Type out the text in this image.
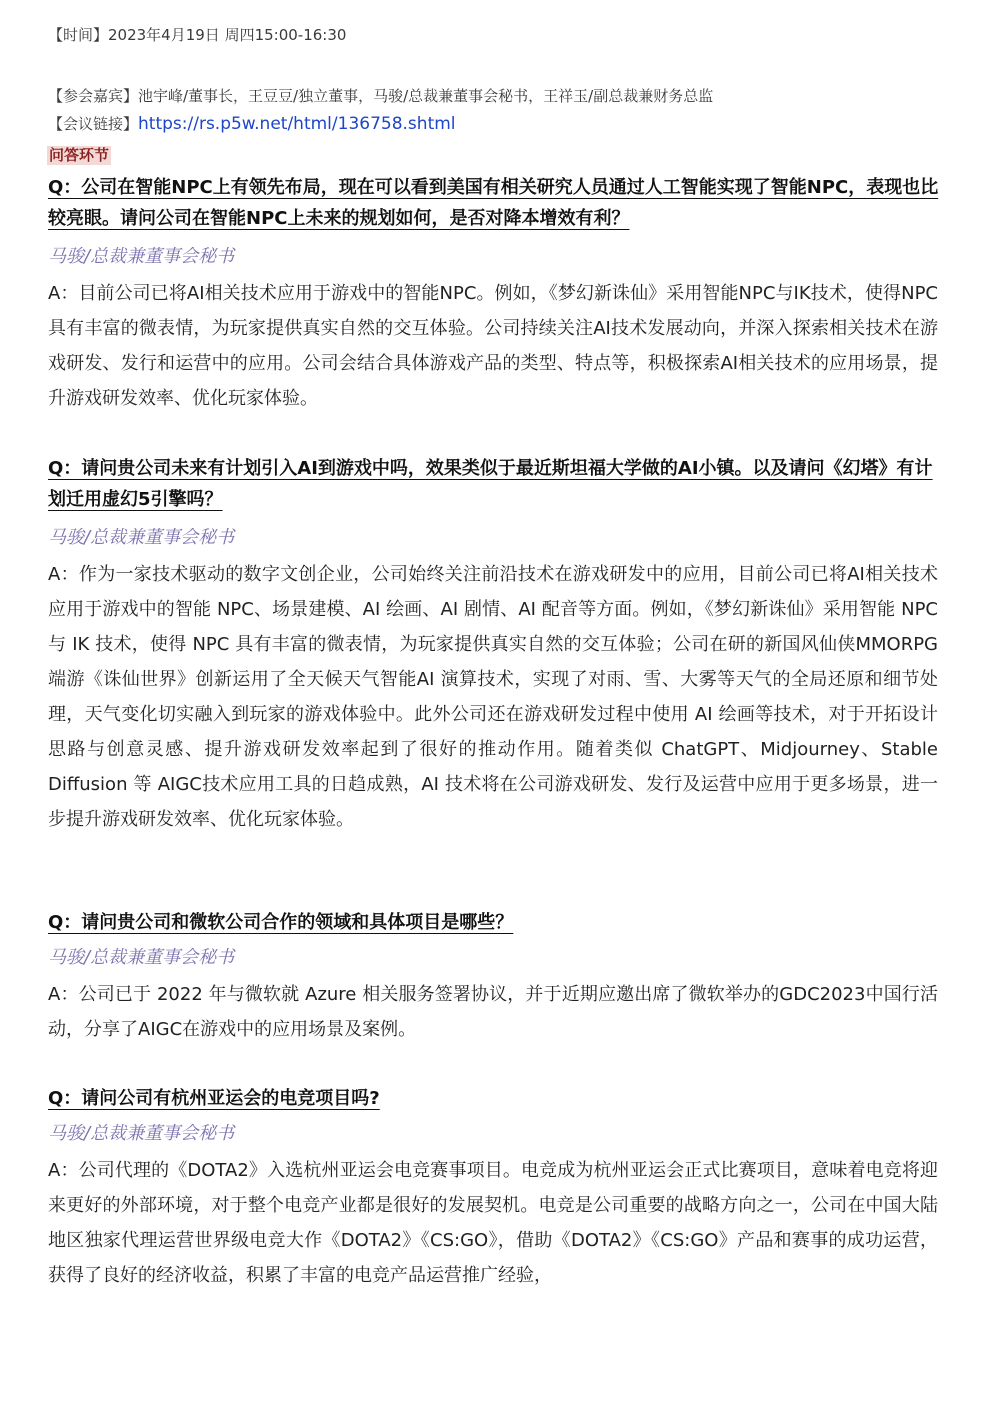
【时间】2023年4月19日 周四15:00-16:30
【参会嘉宾】池宇峰/董事长，王豆豆/独立董事，马骏/总裁兼董事会秘书，王祥玉/副总裁兼财务总监
【会议链接】https://rs.p5w.net/html/136758.shtml
问答环节
Q：公司在智能NPC上有领先布局，现在可以看到美国有相关研究人员通过人工智能实现了智能NPC，表现也比较亮眼。请问公司在智能NPC上未来的规划如何，是否对降本增效有利？
马骏/总裁兼董事会秘书
A：目前公司已将AI相关技术应用于游戏中的智能NPC。例如，《梦幻新诛仙》采用智能NPC与IK技术，使得NPC具有丰富的微表情，为玩家提供真实自然的交互体验。公司持续关注AI技术发展动向，并深入探索相关技术在游戏研发、发行和运营中的应用。公司会结合具体游戏产品的类型、特点等，积极探索AI相关技术的应用场景，提升游戏研发效率、优化玩家体验。
Q：请问贵公司未来有计划引入AI到游戏中吗，效果类似于最近斯坦福大学做的AI小镇。以及请问《幻塔》有计划迁用虚幻5引擎吗？
马骏/总裁兼董事会秘书
A：作为一家技术驱动的数字文创企业，公司始终关注前沿技术在游戏研发中的应用，目前公司已将AI相关技术应用于游戏中的智能 NPC、场景建模、AI 绘画、AI 剧情、AI 配音等方面。例如，《梦幻新诛仙》采用智能 NPC 与 IK 技术，使得 NPC 具有丰富的微表情，为玩家提供真实自然的交互体验；公司在研的新国风仙侠MMORPG 端游《诛仙世界》创新运用了全天候天气智能AI 演算技术，实现了对雨、雪、大雾等天气的全局还原和细节处理，天气变化切实融入到玩家的游戏体验中。此外公司还在游戏研发过程中使用 AI 绘画等技术，对于开拓设计思路与创意灵感、提升游戏研发效率起到了很好的推动作用。随着类似 ChatGPT、Midjourney、Stable Diffusion 等 AIGC技术应用工具的日趋成熟，AI 技术将在公司游戏研发、发行及运营中应用于更多场景，进一步提升游戏研发效率、优化玩家体验。
Q：请问贵公司和微软公司合作的领域和具体项目是哪些？
马骏/总裁兼董事会秘书
A：公司已于 2022 年与微软就 Azure 相关服务签署协议，并于近期应邀出席了微软举办的GDC2023中国行活动，分享了AIGC在游戏中的应用场景及案例。
Q：请问公司有杭州亚运会的电竞项目吗?
马骏/总裁兼董事会秘书
A：公司代理的《DOTA2》入选杭州亚运会电竞赛事项目。电竞成为杭州亚运会正式比赛项目，意味着电竞将迎来更好的外部环境，对于整个电竞产业都是很好的发展契机。电竞是公司重要的战略方向之一，公司在中国大陆地区独家代理运营世界级电竞大作《DOTA2》《CS:GO》，借助《DOTA2》《CS:GO》产品和赛事的成功运营，获得了良好的经济收益，积累了丰富的电竞产品运营推广经验，
